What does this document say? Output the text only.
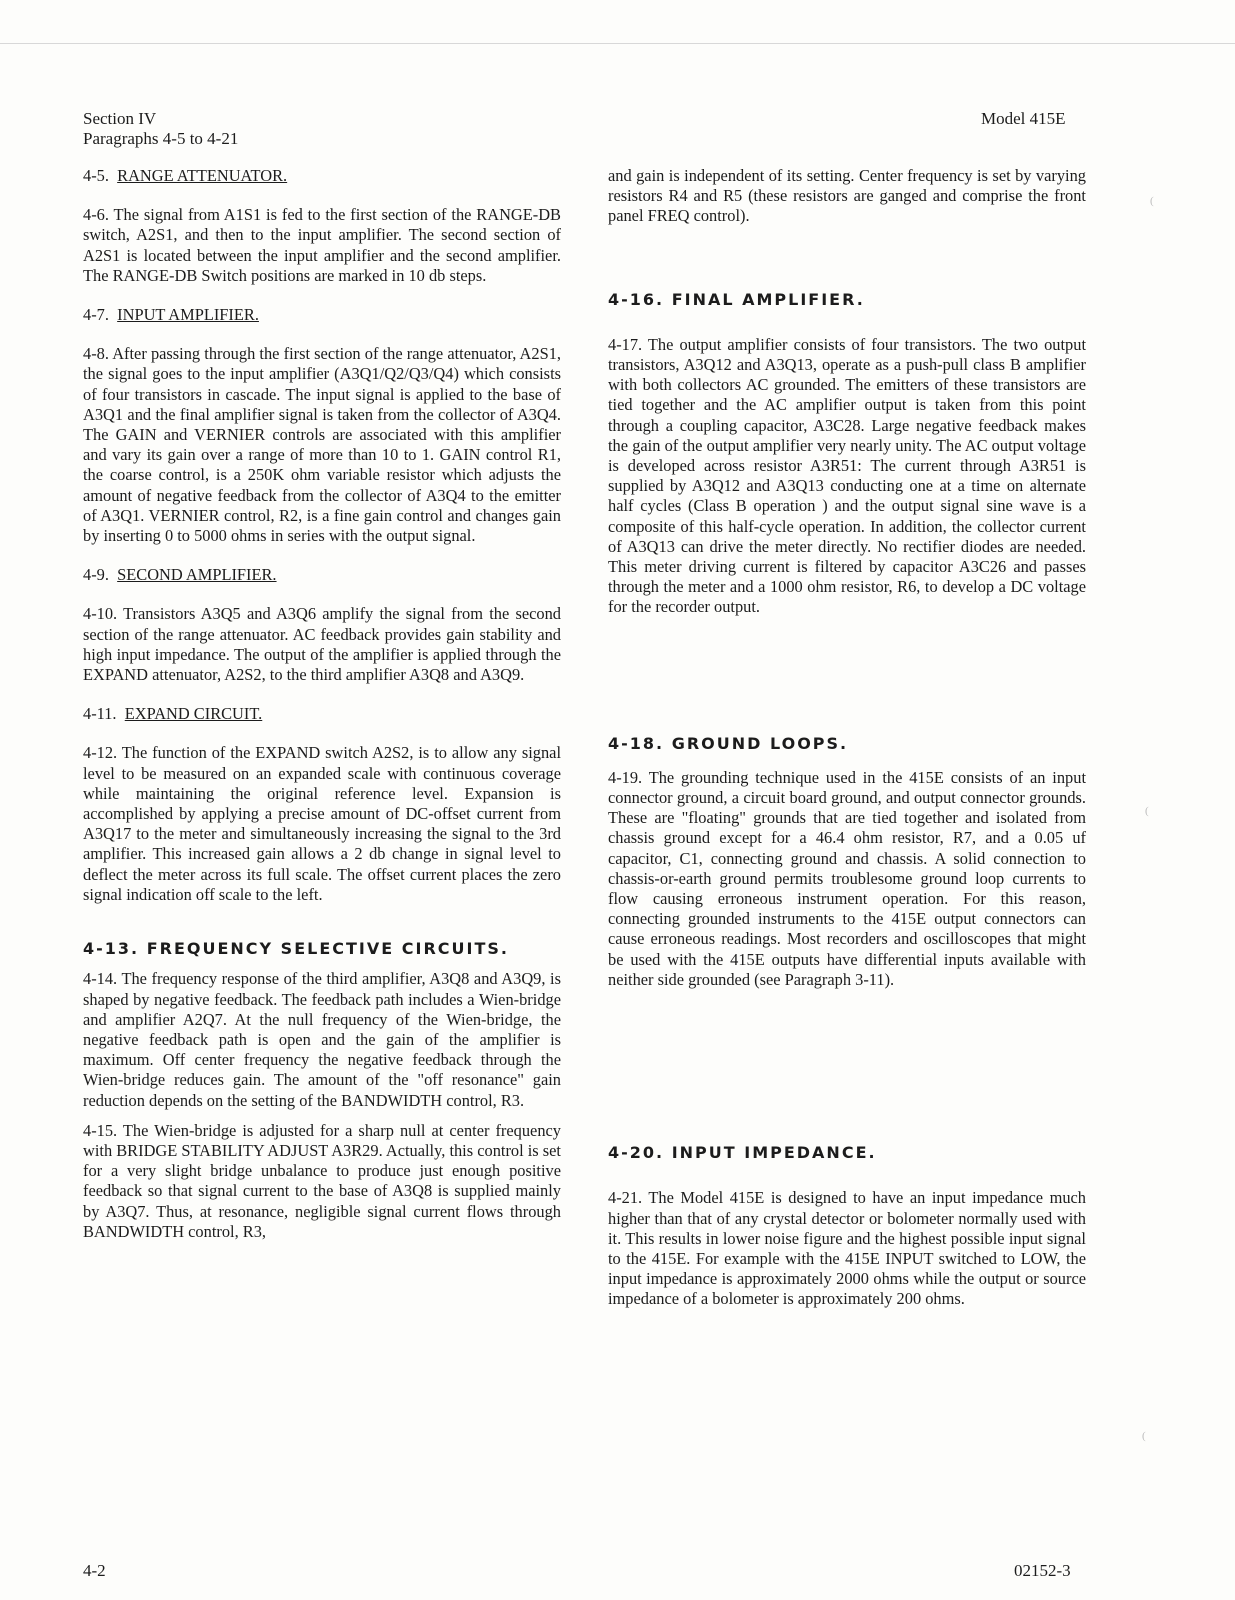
Section IV
Paragraphs 4-5 to 4-21
Model 415E
4-5.  RANGE ATTENUATOR.

4-6. The signal from A1S1 is fed to the first section of the RANGE-DB switch, A2S1, and then to the input amplifier. The second section of A2S1 is located between the input amplifier and the second amplifier. The RANGE-DB Switch positions are marked in 10 db steps.

4-7.  INPUT AMPLIFIER.

4-8. After passing through the first section of the range attenuator, A2S1, the signal goes to the input amplifier (A3Q1/Q2/Q3/Q4) which consists of four transistors in cascade. The input signal is applied to the base of A3Q1 and the final amplifier signal is taken from the collector of A3Q4. The GAIN and VERNIER controls are associated with this amplifier and vary its gain over a range of more than 10 to 1. GAIN control R1, the coarse control, is a 250K ohm variable resistor which adjusts the amount of negative feedback from the collector of A3Q4 to the emitter of A3Q1. VERNIER control, R2, is a fine gain control and changes gain by inserting 0 to 5000 ohms in series with the output signal.

4-9.  SECOND AMPLIFIER.

4-10. Transistors A3Q5 and A3Q6 amplify the signal from the second section of the range attenuator. AC feedback provides gain stability and high input impedance. The output of the amplifier is applied through the EXPAND attenuator, A2S2, to the third amplifier A3Q8 and A3Q9.

4-11.  EXPAND CIRCUIT.

4-12. The function of the EXPAND switch A2S2, is to allow any signal level to be measured on an expanded scale with continuous coverage while maintaining the original reference level. Expansion is accomplished by applying a precise amount of DC-offset current from A3Q17 to the meter and simultaneously increasing the signal to the 3rd amplifier. This increased gain allows a 2 db change in signal level to deflect the meter across its full scale. The offset current places the zero signal indication off scale to the left.

4-13. FREQUENCY SELECTIVE CIRCUITS.

4-14. The frequency response of the third amplifier, A3Q8 and A3Q9, is shaped by negative feedback. The feedback path includes a Wien-bridge and amplifier A2Q7. At the null frequency of the Wien-bridge, the negative feedback path is open and the gain of the amplifier is maximum. Off center frequency the negative feedback through the Wien-bridge reduces gain. The amount of the "off resonance" gain reduction depends on the setting of the BANDWIDTH control, R3.

4-15. The Wien-bridge is adjusted for a sharp null at center frequency with BRIDGE STABILITY ADJUST A3R29. Actually, this control is set for a very slight bridge unbalance to produce just enough positive feedback so that signal current to the base of A3Q8 is supplied mainly by A3Q7. Thus, at resonance, negligible signal current flows through BANDWIDTH control, R3,

and gain is independent of its setting. Center frequency is set by varying resistors R4 and R5 (these resistors are ganged and comprise the front panel FREQ control).

4-16. FINAL AMPLIFIER.

4-17. The output amplifier consists of four transistors. The two output transistors, A3Q12 and A3Q13, operate as a push-pull class B amplifier with both collectors AC grounded. The emitters of these transistors are tied together and the AC amplifier output is taken from this point through a coupling capacitor, A3C28. Large negative feedback makes the gain of the output amplifier very nearly unity. The AC output voltage is developed across resistor A3R51: The current through A3R51 is supplied by A3Q12 and A3Q13 conducting one at a time on alternate half cycles (Class B operation ) and the output signal sine wave is a composite of this half-cycle operation. In addition, the collector current of A3Q13 can drive the meter directly. No rectifier diodes are needed. This meter driving current is filtered by capacitor A3C26 and passes through the meter and a 1000 ohm resistor, R6, to develop a DC voltage for the recorder output.

4-18. GROUND LOOPS.

4-19. The grounding technique used in the 415E consists of an input connector ground, a circuit board ground, and output connector grounds. These are "floating" grounds that are tied together and isolated from chassis ground except for a 46.4 ohm resistor, R7, and a 0.05 uf capacitor, C1, connecting ground and chassis. A solid connection to chassis-or-earth ground permits troublesome ground loop currents to flow causing erroneous instrument operation. For this reason, connecting grounded instruments to the 415E output connectors can cause erroneous readings. Most recorders and oscilloscopes that might be used with the 415E outputs have differential inputs available with neither side grounded (see Paragraph 3-11).

4-20. INPUT IMPEDANCE.

4-21. The Model 415E is designed to have an input impedance much higher than that of any crystal detector or bolometer normally used with it. This results in lower noise figure and the highest possible input signal to the 415E. For example with the 415E INPUT switched to LOW, the input impedance is approximately 2000 ohms while the output or source impedance of a bolometer is approximately 200 ohms.

4-2	02152-3
(
(
(
